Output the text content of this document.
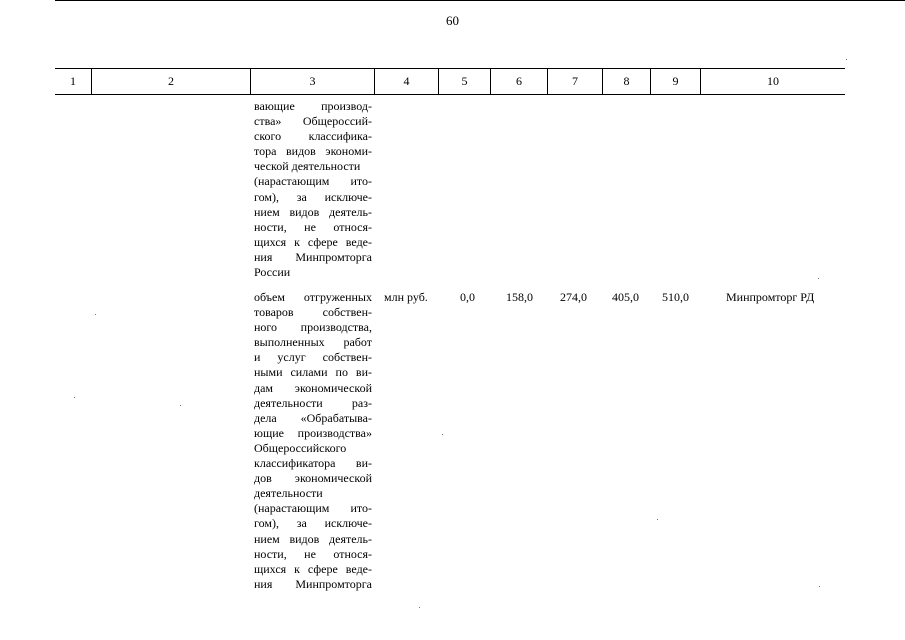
60
1	2	3	4	5	6	7	8	9	10
вающие производ-
ства» Общероссий-
ского классифика-
тора видов экономи-
ческой деятельности
(нарастающим ито-
гом), за исключе-
нием видов деятель-
ности, не относя-
щихся к сфере веде-
ния Минпромторга
России
объем отгруженных
товаров собствен-
ного производства,
выполненных работ
и услуг собствен-
ными силами по ви-
дам экономической
деятельности раз-
дела «Обрабатыва-
ющие производства»
Общероссийского
классификатора ви-
дов экономической
деятельности
(нарастающим ито-
гом), за исключе-
нием видов деятель-
ности, не относя-
щихся к сфере веде-
ния Минпромторга
млн руб.	0,0	158,0 274,0 405,0 510,0	Минпромторг РД
